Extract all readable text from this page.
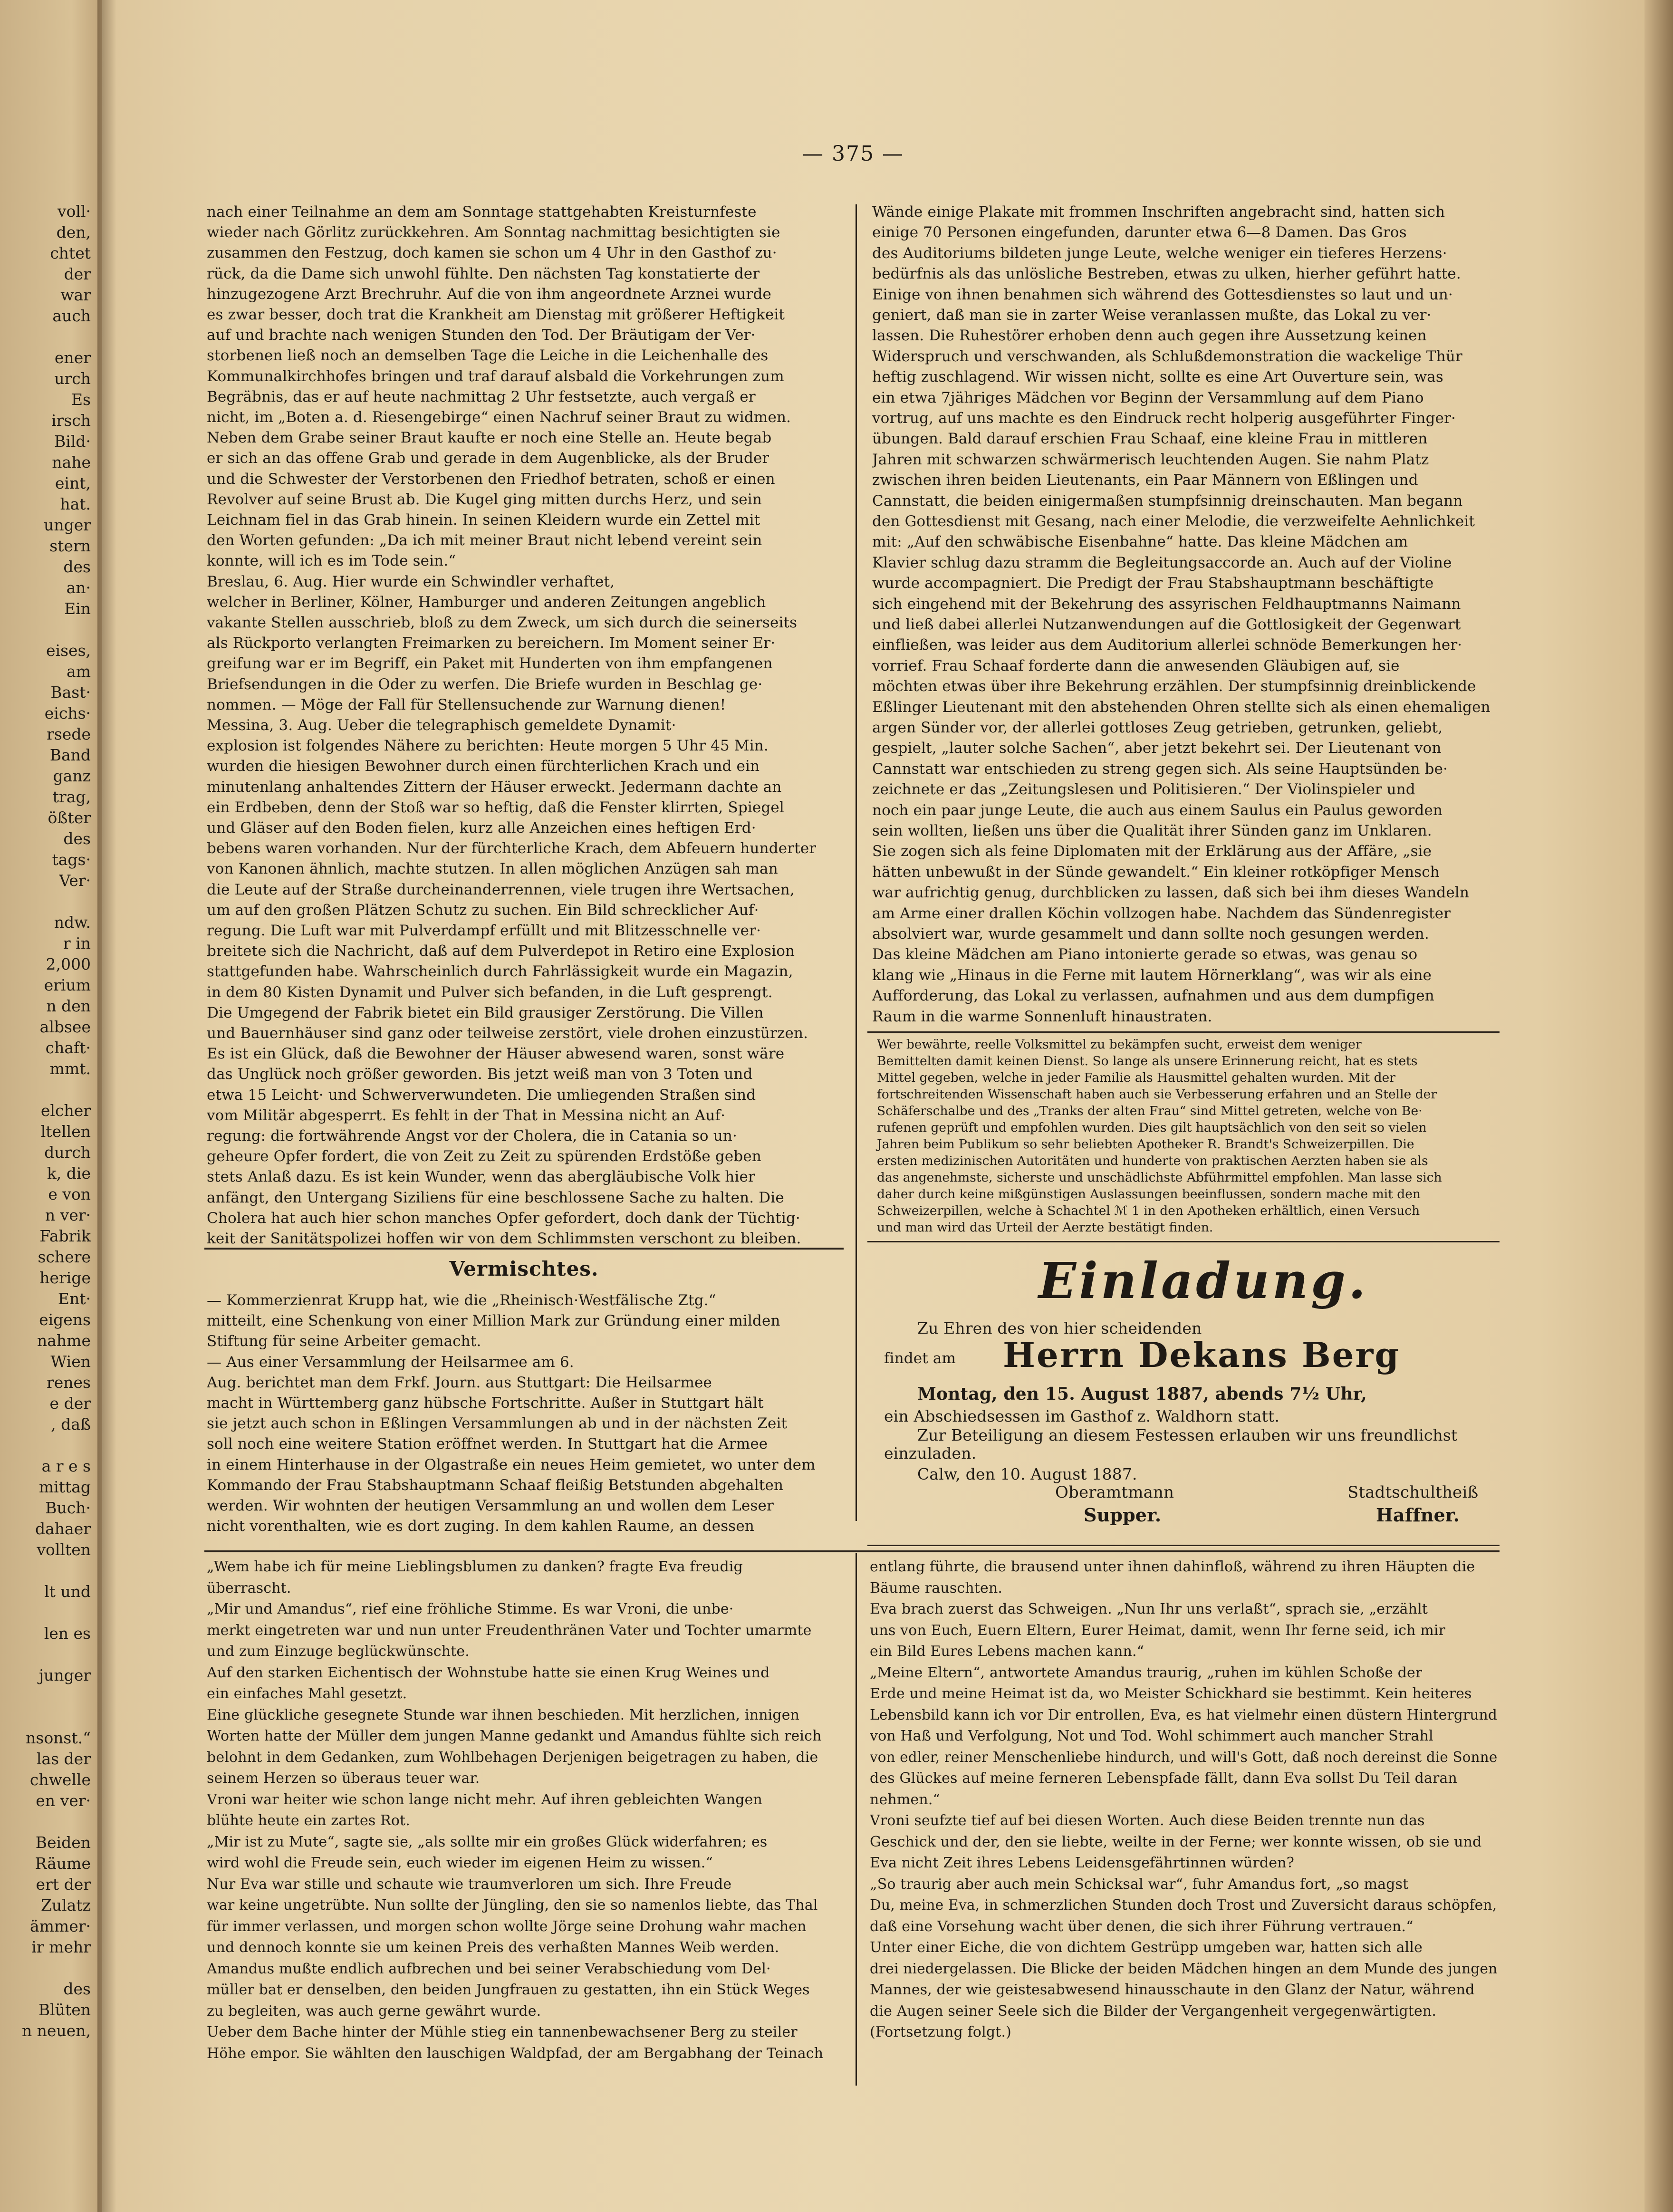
— 375 —
voll·
den,
chtet
der
war
auch
ener
urch
Es
irsch
Bild·
nahe
eint,
hat.
unger
stern
des
an·
Ein
eises,
am
Bast·
eichs·
rsede
Band
ganz
trag,
ößter
des
tags·
Ver·
ndw.
r in
2,000
erium
n den
albsee
chaft·
mmt.
elcher
ltellen
durch
k, die
e von
n ver·
Fabrik
schere
herige
Ent·
eigens
nahme
Wien
renes
e der
, daß
a r e s
mittag
Buch·
dahaer
vollten
lt und
len es
junger
nsonst.“
las der
chwelle
en ver·
Beiden
Räume
ert der
Zulatz
ämmer·
ir mehr
des
Blüten
n neuen,
nach einer Teilnahme an dem am Sonntage stattgehabten Kreisturnfeste
wieder nach Görlitz zurückkehren. Am Sonntag nachmittag besichtigten sie
zusammen den Festzug, doch kamen sie schon um 4 Uhr in den Gasthof zu·
rück, da die Dame sich unwohl fühlte. Den nächsten Tag konstatierte der
hinzugezogene Arzt Brechruhr. Auf die von ihm angeordnete Arznei wurde
es zwar besser, doch trat die Krankheit am Dienstag mit größerer Heftigkeit
auf und brachte nach wenigen Stunden den Tod. Der Bräutigam der Ver·
storbenen ließ noch an demselben Tage die Leiche in die Leichenhalle des
Kommunalkirchhofes bringen und traf darauf alsbald die Vorkehrungen zum
Begräbnis, das er auf heute nachmittag 2 Uhr festsetzte, auch vergaß er
nicht, im „Boten a. d. Riesengebirge“ einen Nachruf seiner Braut zu widmen.
Neben dem Grabe seiner Braut kaufte er noch eine Stelle an. Heute begab
er sich an das offene Grab und gerade in dem Augenblicke, als der Bruder
und die Schwester der Verstorbenen den Friedhof betraten, schoß er einen
Revolver auf seine Brust ab. Die Kugel ging mitten durchs Herz, und sein
Leichnam fiel in das Grab hinein. In seinen Kleidern wurde ein Zettel mit
den Worten gefunden: „Da ich mit meiner Braut nicht lebend vereint sein
konnte, will ich es im Tode sein.“
Breslau, 6. Aug. Hier wurde ein Schwindler verhaftet,
welcher in Berliner, Kölner, Hamburger und anderen Zeitungen angeblich
vakante Stellen ausschrieb, bloß zu dem Zweck, um sich durch die seinerseits
als Rückporto verlangten Freimarken zu bereichern. Im Moment seiner Er·
greifung war er im Begriff, ein Paket mit Hunderten von ihm empfangenen
Briefsendungen in die Oder zu werfen. Die Briefe wurden in Beschlag ge·
nommen. — Möge der Fall für Stellensuchende zur Warnung dienen!
Messina, 3. Aug. Ueber die telegraphisch gemeldete Dynamit·
explosion ist folgendes Nähere zu berichten: Heute morgen 5 Uhr 45 Min.
wurden die hiesigen Bewohner durch einen fürchterlichen Krach und ein
minutenlang anhaltendes Zittern der Häuser erweckt. Jedermann dachte an
ein Erdbeben, denn der Stoß war so heftig, daß die Fenster klirrten, Spiegel
und Gläser auf den Boden fielen, kurz alle Anzeichen eines heftigen Erd·
bebens waren vorhanden. Nur der fürchterliche Krach, dem Abfeuern hunderter
von Kanonen ähnlich, machte stutzen. In allen möglichen Anzügen sah man
die Leute auf der Straße durcheinanderrennen, viele trugen ihre Wertsachen,
um auf den großen Plätzen Schutz zu suchen. Ein Bild schrecklicher Auf·
regung. Die Luft war mit Pulverdampf erfüllt und mit Blitzesschnelle ver·
breitete sich die Nachricht, daß auf dem Pulverdepot in Retiro eine Explosion
stattgefunden habe. Wahrscheinlich durch Fahrlässigkeit wurde ein Magazin,
in dem 80 Kisten Dynamit und Pulver sich befanden, in die Luft gesprengt.
Die Umgegend der Fabrik bietet ein Bild grausiger Zerstörung. Die Villen
und Bauernhäuser sind ganz oder teilweise zerstört, viele drohen einzustürzen.
Es ist ein Glück, daß die Bewohner der Häuser abwesend waren, sonst wäre
das Unglück noch größer geworden. Bis jetzt weiß man von 3 Toten und
etwa 15 Leicht· und Schwerverwundeten. Die umliegenden Straßen sind
vom Militär abgesperrt. Es fehlt in der That in Messina nicht an Auf·
regung: die fortwährende Angst vor der Cholera, die in Catania so un·
geheure Opfer fordert, die von Zeit zu Zeit zu spürenden Erdstöße geben
stets Anlaß dazu. Es ist kein Wunder, wenn das abergläubische Volk hier
anfängt, den Untergang Siziliens für eine beschlossene Sache zu halten. Die
Cholera hat auch hier schon manches Opfer gefordert, doch dank der Tüchtig·
keit der Sanitätspolizei hoffen wir von dem Schlimmsten verschont zu bleiben.
Vermischtes.
— Kommerzienrat Krupp hat, wie die „Rheinisch·Westfälische Ztg.“
mitteilt, eine Schenkung von einer Million Mark zur Gründung einer milden
Stiftung für seine Arbeiter gemacht.
— Aus einer Versammlung der Heilsarmee am 6.
Aug. berichtet man dem Frkf. Journ. aus Stuttgart: Die Heilsarmee
macht in Württemberg ganz hübsche Fortschritte. Außer in Stuttgart hält
sie jetzt auch schon in Eßlingen Versammlungen ab und in der nächsten Zeit
soll noch eine weitere Station eröffnet werden. In Stuttgart hat die Armee
in einem Hinterhause in der Olgastraße ein neues Heim gemietet, wo unter dem
Kommando der Frau Stabshauptmann Schaaf fleißig Betstunden abgehalten
werden. Wir wohnten der heutigen Versammlung an und wollen dem Leser
nicht vorenthalten, wie es dort zuging. In dem kahlen Raume, an dessen
Wände einige Plakate mit frommen Inschriften angebracht sind, hatten sich
einige 70 Personen eingefunden, darunter etwa 6—8 Damen. Das Gros
des Auditoriums bildeten junge Leute, welche weniger ein tieferes Herzens·
bedürfnis als das unlösliche Bestreben, etwas zu ulken, hierher geführt hatte.
Einige von ihnen benahmen sich während des Gottesdienstes so laut und un·
geniert, daß man sie in zarter Weise veranlassen mußte, das Lokal zu ver·
lassen. Die Ruhestörer erhoben denn auch gegen ihre Aussetzung keinen
Widerspruch und verschwanden, als Schlußdemonstration die wackelige Thür
heftig zuschlagend. Wir wissen nicht, sollte es eine Art Ouverture sein, was
ein etwa 7jähriges Mädchen vor Beginn der Versammlung auf dem Piano
vortrug, auf uns machte es den Eindruck recht holperig ausgeführter Finger·
übungen. Bald darauf erschien Frau Schaaf, eine kleine Frau in mittleren
Jahren mit schwarzen schwärmerisch leuchtenden Augen. Sie nahm Platz
zwischen ihren beiden Lieutenants, ein Paar Männern von Eßlingen und
Cannstatt, die beiden einigermaßen stumpfsinnig dreinschauten. Man begann
den Gottesdienst mit Gesang, nach einer Melodie, die verzweifelte Aehnlichkeit
mit: „Auf den schwäbische Eisenbahne“ hatte. Das kleine Mädchen am
Klavier schlug dazu stramm die Begleitungsaccorde an. Auch auf der Violine
wurde accompagniert. Die Predigt der Frau Stabshauptmann beschäftigte
sich eingehend mit der Bekehrung des assyrischen Feldhauptmanns Naimann
und ließ dabei allerlei Nutzanwendungen auf die Gottlosigkeit der Gegenwart
einfließen, was leider aus dem Auditorium allerlei schnöde Bemerkungen her·
vorrief. Frau Schaaf forderte dann die anwesenden Gläubigen auf, sie
möchten etwas über ihre Bekehrung erzählen. Der stumpfsinnig dreinblickende
Eßlinger Lieutenant mit den abstehenden Ohren stellte sich als einen ehemaligen
argen Sünder vor, der allerlei gottloses Zeug getrieben, getrunken, geliebt,
gespielt, „lauter solche Sachen“, aber jetzt bekehrt sei. Der Lieutenant von
Cannstatt war entschieden zu streng gegen sich. Als seine Hauptsünden be·
zeichnete er das „Zeitungslesen und Politisieren.“ Der Violinspieler und
noch ein paar junge Leute, die auch aus einem Saulus ein Paulus geworden
sein wollten, ließen uns über die Qualität ihrer Sünden ganz im Unklaren.
Sie zogen sich als feine Diplomaten mit der Erklärung aus der Affäre, „sie
hätten unbewußt in der Sünde gewandelt.“ Ein kleiner rotköpfiger Mensch
war aufrichtig genug, durchblicken zu lassen, daß sich bei ihm dieses Wandeln
am Arme einer drallen Köchin vollzogen habe. Nachdem das Sündenregister
absolviert war, wurde gesammelt und dann sollte noch gesungen werden.
Das kleine Mädchen am Piano intonierte gerade so etwas, was genau so
klang wie „Hinaus in die Ferne mit lautem Hörnerklang“, was wir als eine
Aufforderung, das Lokal zu verlassen, aufnahmen und aus dem dumpfigen
Raum in die warme Sonnenluft hinaustraten.
Wer bewährte, reelle Volksmittel zu bekämpfen sucht, erweist dem weniger
Bemittelten damit keinen Dienst. So lange als unsere Erinnerung reicht, hat es stets
Mittel gegeben, welche in jeder Familie als Hausmittel gehalten wurden. Mit der
fortschreitenden Wissenschaft haben auch sie Verbesserung erfahren und an Stelle der
Schäferschalbe und des „Tranks der alten Frau“ sind Mittel getreten, welche von Be·
rufenen geprüft und empfohlen wurden. Dies gilt hauptsächlich von den seit so vielen
Jahren beim Publikum so sehr beliebten Apotheker R. Brandt's Schweizerpillen. Die
ersten medizinischen Autoritäten und hunderte von praktischen Aerzten haben sie als
das angenehmste, sicherste und unschädlichste Abführmittel empfohlen. Man lasse sich
daher durch keine mißgünstigen Auslassungen beeinflussen, sondern mache mit den
Schweizerpillen, welche à Schachtel ℳ 1 in den Apotheken erhältlich, einen Versuch
und man wird das Urteil der Aerzte bestätigt finden.
Einladung.
Zu Ehren des von hier scheidenden
findet am Herrn Dekans Berg
Montag, den 15. August 1887, abends 7½ Uhr,
ein Abschiedsessen im Gasthof z. Waldhorn statt.
Zur Beteiligung an diesem Festessen erlauben wir uns freundlichst
einzuladen.
Calw, den 10. August 1887.
Oberamtmann
Supper.
Stadtschultheiß
Haffner.
„Wem habe ich für meine Lieblingsblumen zu danken? fragte Eva freudig
überrascht.
„Mir und Amandus“, rief eine fröhliche Stimme. Es war Vroni, die unbe·
merkt eingetreten war und nun unter Freudenthränen Vater und Tochter umarmte
und zum Einzuge beglückwünschte.
Auf den starken Eichentisch der Wohnstube hatte sie einen Krug Weines und
ein einfaches Mahl gesetzt.
Eine glückliche gesegnete Stunde war ihnen beschieden. Mit herzlichen, innigen
Worten hatte der Müller dem jungen Manne gedankt und Amandus fühlte sich reich
belohnt in dem Gedanken, zum Wohlbehagen Derjenigen beigetragen zu haben, die
seinem Herzen so überaus teuer war.
Vroni war heiter wie schon lange nicht mehr. Auf ihren gebleichten Wangen
blühte heute ein zartes Rot.
„Mir ist zu Mute“, sagte sie, „als sollte mir ein großes Glück widerfahren; es
wird wohl die Freude sein, euch wieder im eigenen Heim zu wissen.“
Nur Eva war stille und schaute wie traumverloren um sich. Ihre Freude
war keine ungetrübte. Nun sollte der Jüngling, den sie so namenlos liebte, das Thal
für immer verlassen, und morgen schon wollte Jörge seine Drohung wahr machen
und dennoch konnte sie um keinen Preis des verhaßten Mannes Weib werden.
Amandus mußte endlich aufbrechen und bei seiner Verabschiedung vom Del·
müller bat er denselben, den beiden Jungfrauen zu gestatten, ihn ein Stück Weges
zu begleiten, was auch gerne gewährt wurde.
Ueber dem Bache hinter der Mühle stieg ein tannenbewachsener Berg zu steiler
Höhe empor. Sie wählten den lauschigen Waldpfad, der am Bergabhang der Teinach
entlang führte, die brausend unter ihnen dahinfloß, während zu ihren Häupten die
Bäume rauschten.
Eva brach zuerst das Schweigen. „Nun Ihr uns verlaßt“, sprach sie, „erzählt
uns von Euch, Euern Eltern, Eurer Heimat, damit, wenn Ihr ferne seid, ich mir
ein Bild Eures Lebens machen kann.“
„Meine Eltern“, antwortete Amandus traurig, „ruhen im kühlen Schoße der
Erde und meine Heimat ist da, wo Meister Schickhard sie bestimmt. Kein heiteres
Lebensbild kann ich vor Dir entrollen, Eva, es hat vielmehr einen düstern Hintergrund
von Haß und Verfolgung, Not und Tod. Wohl schimmert auch mancher Strahl
von edler, reiner Menschenliebe hindurch, und will's Gott, daß noch dereinst die Sonne
des Glückes auf meine ferneren Lebenspfade fällt, dann Eva sollst Du Teil daran
nehmen.“
Vroni seufzte tief auf bei diesen Worten. Auch diese Beiden trennte nun das
Geschick und der, den sie liebte, weilte in der Ferne; wer konnte wissen, ob sie und
Eva nicht Zeit ihres Lebens Leidensgefährtinnen würden?
„So traurig aber auch mein Schicksal war“, fuhr Amandus fort, „so magst
Du, meine Eva, in schmerzlichen Stunden doch Trost und Zuversicht daraus schöpfen,
daß eine Vorsehung wacht über denen, die sich ihrer Führung vertrauen.“
Unter einer Eiche, die von dichtem Gestrüpp umgeben war, hatten sich alle
drei niedergelassen. Die Blicke der beiden Mädchen hingen an dem Munde des jungen
Mannes, der wie geistesabwesend hinausschaute in den Glanz der Natur, während
die Augen seiner Seele sich die Bilder der Vergangenheit vergegenwärtigten.
(Fortsetzung folgt.)
